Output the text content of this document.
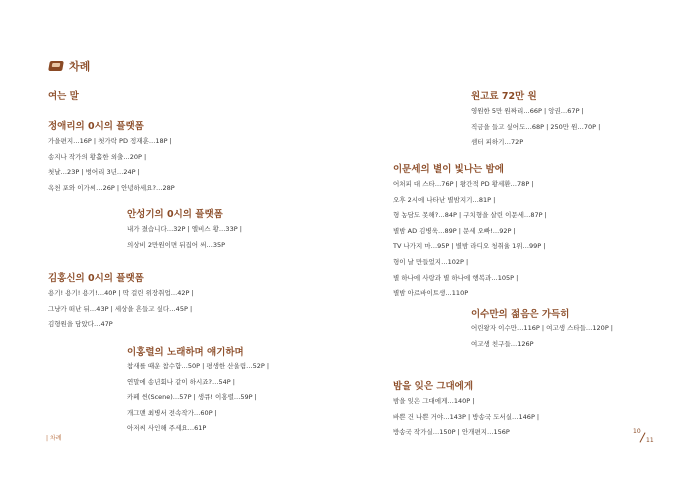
차례
여는 말
정애리의 0시의 플랫폼
가을편지…16P | 첫가락 PD 정재훈…18P |
송지나 작가의 황홀한 외출…20P |
첫날…23P | 벙어리 3년…24P |
옥천 포와 이가씨…26P | 안녕하세요?…28P
안성기의 0시의 플랫폼
내가 졌습니다…32P | 엘비스 황…33P |
의상비 2만원이면 뒤집어 써…35P
김홍신의 0시의 플랫폼
용기! 용기! 용기!…40P | 딱 걸린 위장취업…42P |
그냥가 떠난 뒤…43P | 세상을 흔들고 싶다…45P |
김형원을 담았다…47P
이홍렬의 노래하며 얘기하며
참새를 때운 참수함…50P | 평생한 산울림…52P |
연말에 송년회나 같이 하시죠?…54P |
카페 씬(Scene)…57P | 생큐! 이홍렬…59P |
개그맨 최병서 전속작가…60P |
아저씨 사인해 주세요…61P
원고료 72만 원
영원한 5만 원짜리…66P | 앙권…67P |
직금을 들고 싶어도…68P | 250만 원…70P |
셈터 피하기…72P
이문세의 별이 빛나는 밤에
어처피 대 스타…76P | 왕간적 PD 황세환…78P |
오후 2시에 나타난 별밤지기…81P |
형 농담도 못해?…84P | 구치형을 살린 이문세…87P |
별밤 AD 김병욱…89P | 문세 오빠!…92P |
TV 나가지 마…95P | 별밤 라디오 청취율 1위…99P |
형이 날 만들었지…102P |
별 하나에 사랑과 별 하나에 행복과…105P |
별밤 아르바이트생…110P
이수만의 젊음은 가득히
어린왕자 이수만…116P | 여고생 스타들…120P |
여고생 친구들…126P
밤을 잊은 그대에게
밤을 잊은 그대에게…140P |
바쁜 건 나쁜 거야…143P | 방송국 도서실…146P |
방송국 작가실…150P | 안개편지…156P
| 차례
10
11
